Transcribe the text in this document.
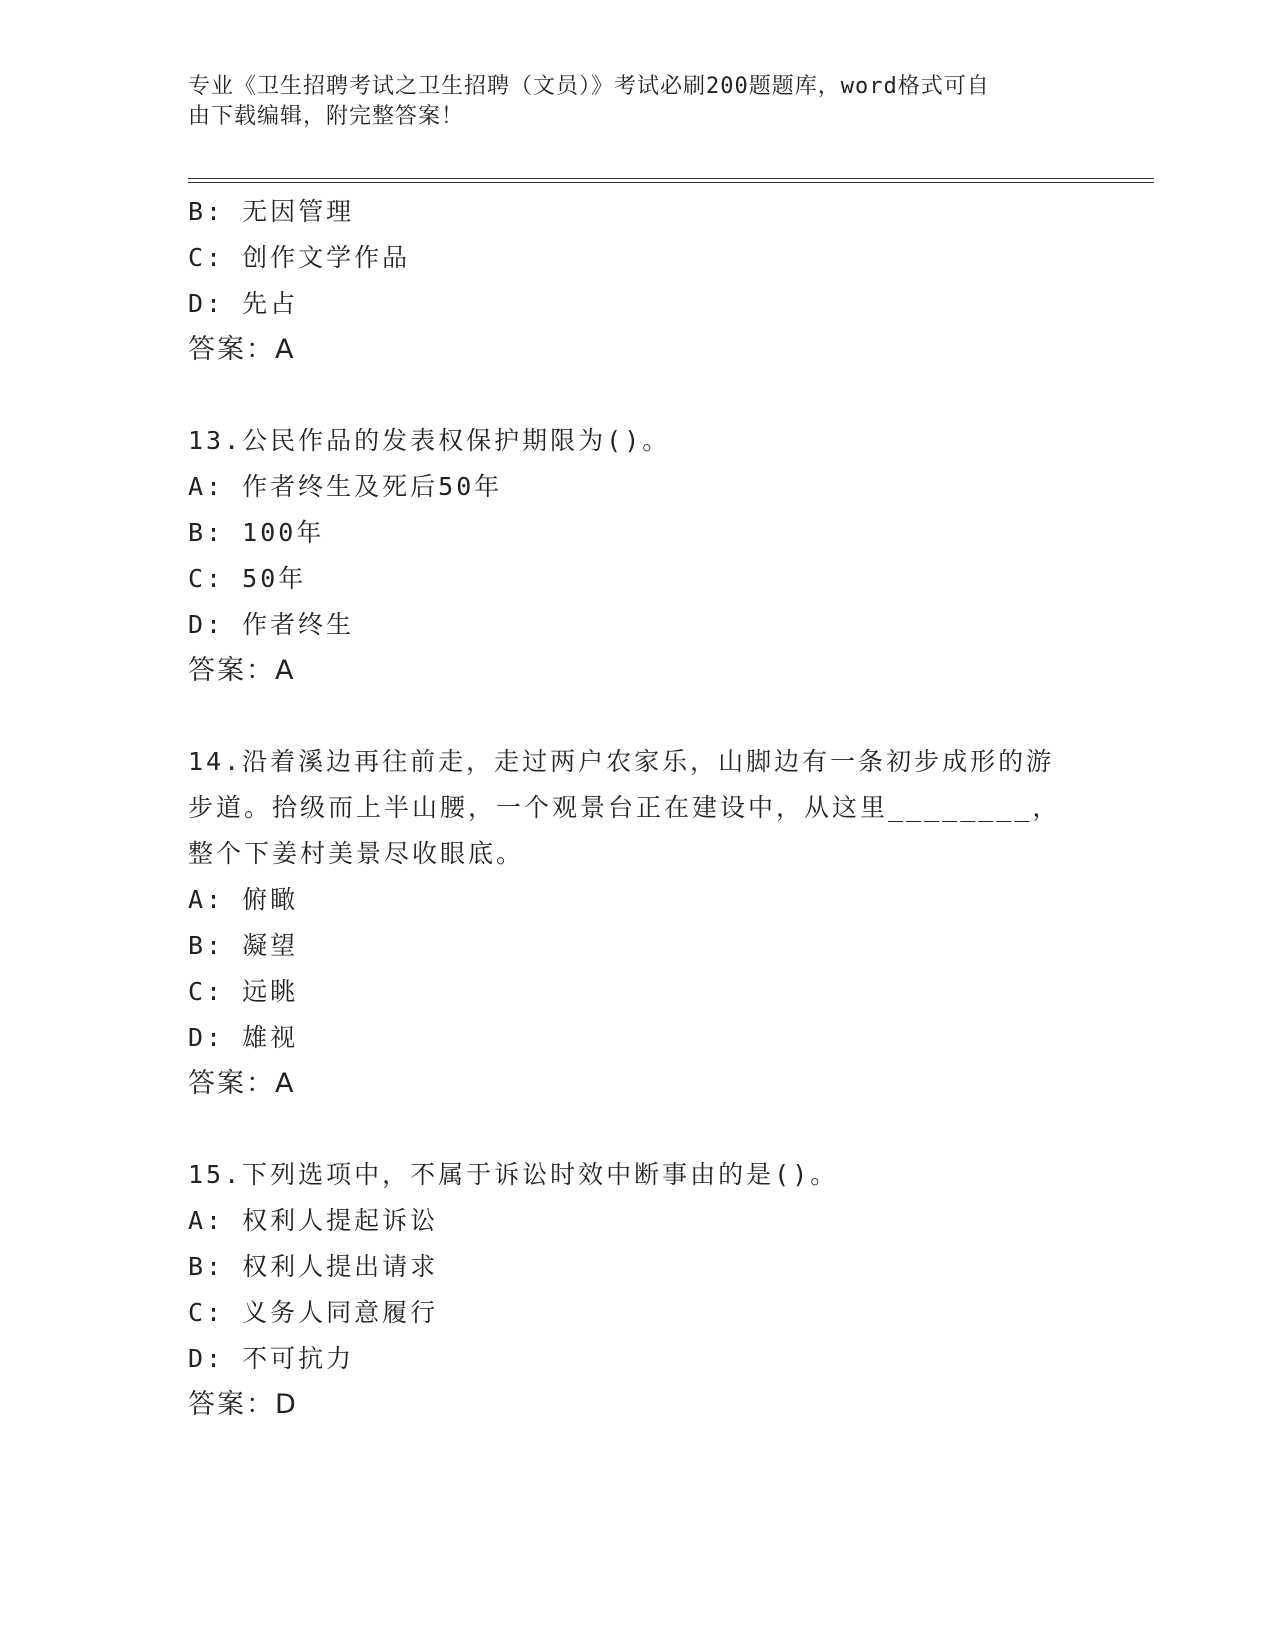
专业《卫生招聘考试之卫生招聘（文员）》考试必刷200题题库，word格式可自
由下载编辑，附完整答案！
B: 无因管理
C: 创作文学作品
D: 先占
答案：A
13.公民作品的发表权保护期限为()。
A: 作者终生及死后50年
B: 100年
C: 50年
D: 作者终生
答案：A
14.沿着溪边再往前走，走过两户农家乐，山脚边有一条初步成形的游
步道。拾级而上半山腰，一个观景台正在建设中，从这里________，
整个下姜村美景尽收眼底。
A: 俯瞰
B: 凝望
C: 远眺
D: 雄视
答案：A
15.下列选项中，不属于诉讼时效中断事由的是()。
A: 权利人提起诉讼
B: 权利人提出请求
C: 义务人同意履行
D: 不可抗力
答案：D
